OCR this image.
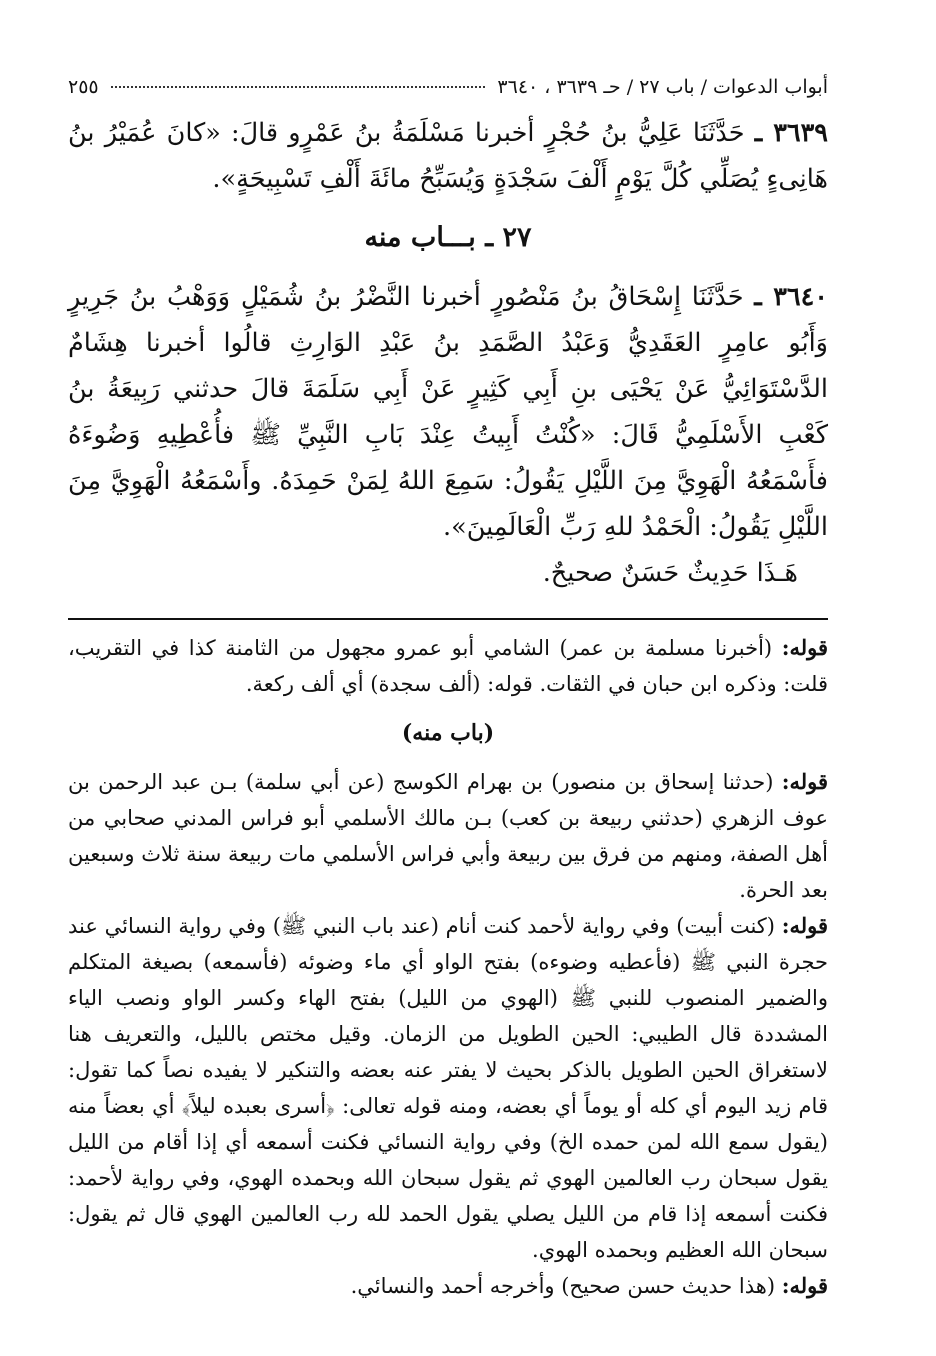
أبواب الدعوات / باب ٢٧ / حـ ٣٦٣٩ ، ٣٦٤٠
٢٥٥

٣٦٣٩ ـ حَدَّثَنَا عَلِيُّ بنُ حُجْرٍ أخبرنا مَسْلَمَةُ بنُ عَمْرٍو قالَ: «كانَ عُمَيْرُ بنُ هَانِىءٍ يُصَلِّي كُلَّ يَوْمٍ أَلْفَ سَجْدَةٍ وَيُسَبِّحُ مائَةَ أَلْفِ تَسْبِيحَةٍ».

٢٧ ـ بـــاب منه

٣٦٤٠ ـ حَدَّثَنَا إِسْحَاقُ بنُ مَنْصُورٍ أخبرنا النَّضْرُ بنُ شُمَيْلٍ وَوَهْبُ بنُ جَرِيرٍ وَأَبُو عامِرٍ العَقَدِيُّ وَعَبْدُ الصَّمَدِ بنُ عَبْدِ الوَارِثِ قالُوا أخبرنا هِشَامٌ الدَّسْتَوَائِيُّ عَنْ يَحْيَى بنِ أَبِي كَثِيرٍ عَنْ أَبِي سَلَمَةَ قالَ حدثني رَبِيعَةُ بنُ كَعْبِ الأَسْلَمِيُّ قَالَ: «كُنْتُ أَبِيتُ عِنْدَ بَابِ النَّبِيِّ ﷺ فأُعْطِيهِ وَضُوءَهُ فأَسْمَعُهُ الْهَوِيَّ مِنَ اللَّيْلِ يَقُولُ: سَمِعَ اللهُ لِمَنْ حَمِدَهُ. وأَسْمَعُهُ الْهَوِيَّ مِنَ اللَّيْلِ يَقُولُ: الْحَمْدُ للهِ رَبِّ الْعَالَمِينَ».

هَـذَا حَدِيثٌ حَسَنٌ صحيحٌ.

قوله: (أخبرنا مسلمة بن عمر) الشامي أبو عمرو مجهول من الثامنة كذا في التقريب، قلت: وذكره ابن حبان في الثقات. قوله: (ألف سجدة) أي ألف ركعة.

(باب منه)

قوله: (حدثنا إسحاق بن منصور) بن بهرام الكوسج (عن أبي سلمة) بـن عبد الرحمن بن عوف الزهري (حدثني ربيعة بن كعب) بـن مالك الأسلمي أبو فراس المدني صحابي من أهل الصفة، ومنهم من فرق بين ربيعة وأبي فراس الأسلمي مات ربيعة سنة ثلاث وسبعين بعد الحرة.

قوله: (كنت أبيت) وفي رواية لأحمد كنت أنام (عند باب النبي ﷺ) وفي رواية النسائي عند حجرة النبي ﷺ (فأعطيه وضوءه) بفتح الواو أي ماء وضوئه (فأسمعه) بصيغة المتكلم والضمير المنصوب للنبي ﷺ (الهوي من الليل) بفتح الهاء وكسر الواو ونصب الياء المشددة قال الطيبي: الحين الطويل من الزمان. وقيل مختص بالليل، والتعريف هنا لاستغراق الحين الطويل بالذكر بحيث لا يفتر عنه بعضه والتنكير لا يفيده نصاً كما تقول: قام زيد اليوم أي كله أو يوماً أي بعضه، ومنه قوله تعالى: ﴿أسرى بعبده ليلاً﴾ أي بعضاً منه (يقول سمع الله لمن حمده الخ) وفي رواية النسائي فكنت أسمعه أي إذا أقام من الليل يقول سبحان رب العالمين الهوي ثم يقول سبحان الله وبحمده الهوي، وفي رواية لأحمد: فكنت أسمعه إذا قام من الليل يصلي يقول الحمد لله رب العالمين الهوي قال ثم يقول: سبحان الله العظيم وبحمده الهوي.

قوله: (هذا حديث حسن صحيح) وأخرجه أحمد والنسائي.
